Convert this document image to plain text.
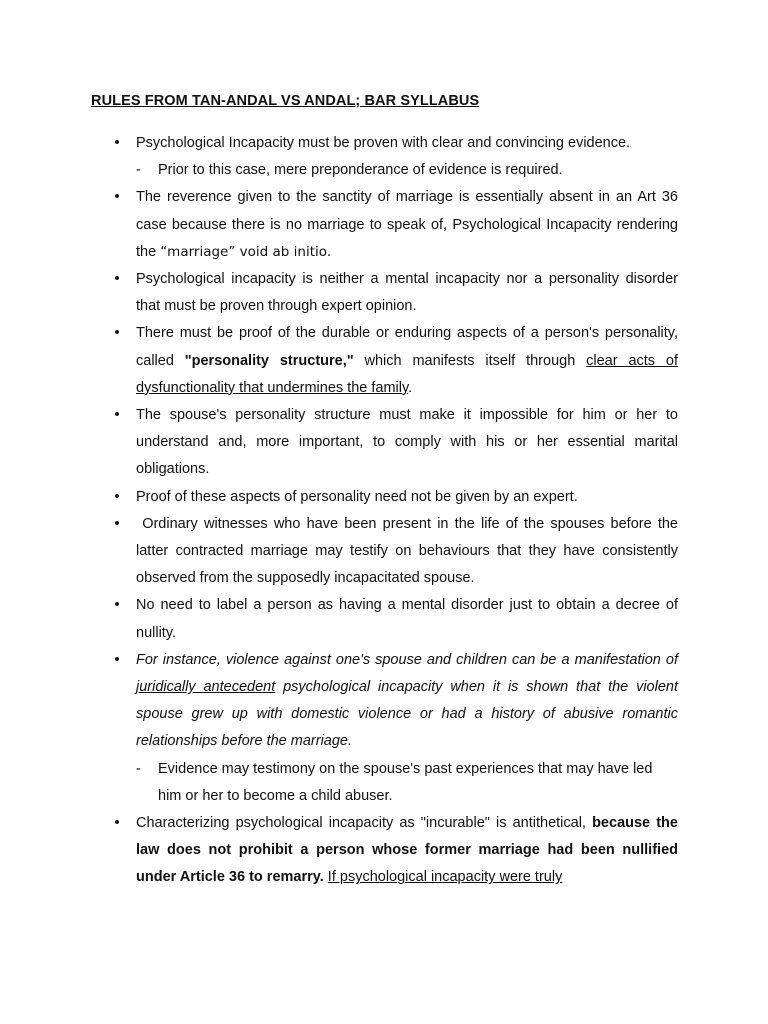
RULES FROM TAN-ANDAL VS ANDAL; BAR SYLLABUS
• Psychological Incapacity must be proven with clear and convincing evidence.
- Prior to this case, mere preponderance of evidence is required.
• The reverence given to the sanctity of marriage is essentially absent in an Art 36 case because there is no marriage to speak of, Psychological Incapacity rendering the “marriage” void ab initio.
• Psychological incapacity is neither a mental incapacity nor a personality disorder that must be proven through expert opinion.
• There must be proof of the durable or enduring aspects of a person's personality, called "personality structure," which manifests itself through clear acts of dysfunctionality that undermines the family.
• The spouse's personality structure must make it impossible for him or her to understand and, more important, to comply with his or her essential marital obligations.
• Proof of these aspects of personality need not be given by an expert.
• Ordinary witnesses who have been present in the life of the spouses before the latter contracted marriage may testify on behaviours that they have consistently observed from the supposedly incapacitated spouse.
• No need to label a person as having a mental disorder just to obtain a decree of nullity.
• For instance, violence against one's spouse and children can be a manifestation of juridically antecedent psychological incapacity when it is shown that the violent spouse grew up with domestic violence or had a history of abusive romantic relationships before the marriage.
- Evidence may testimony on the spouse's past experiences that may have led
him or her to become a child abuser.
• Characterizing psychological incapacity as "incurable" is antithetical, because the law does not prohibit a person whose former marriage had been nullified under Article 36 to remarry. If psychological incapacity were truly
